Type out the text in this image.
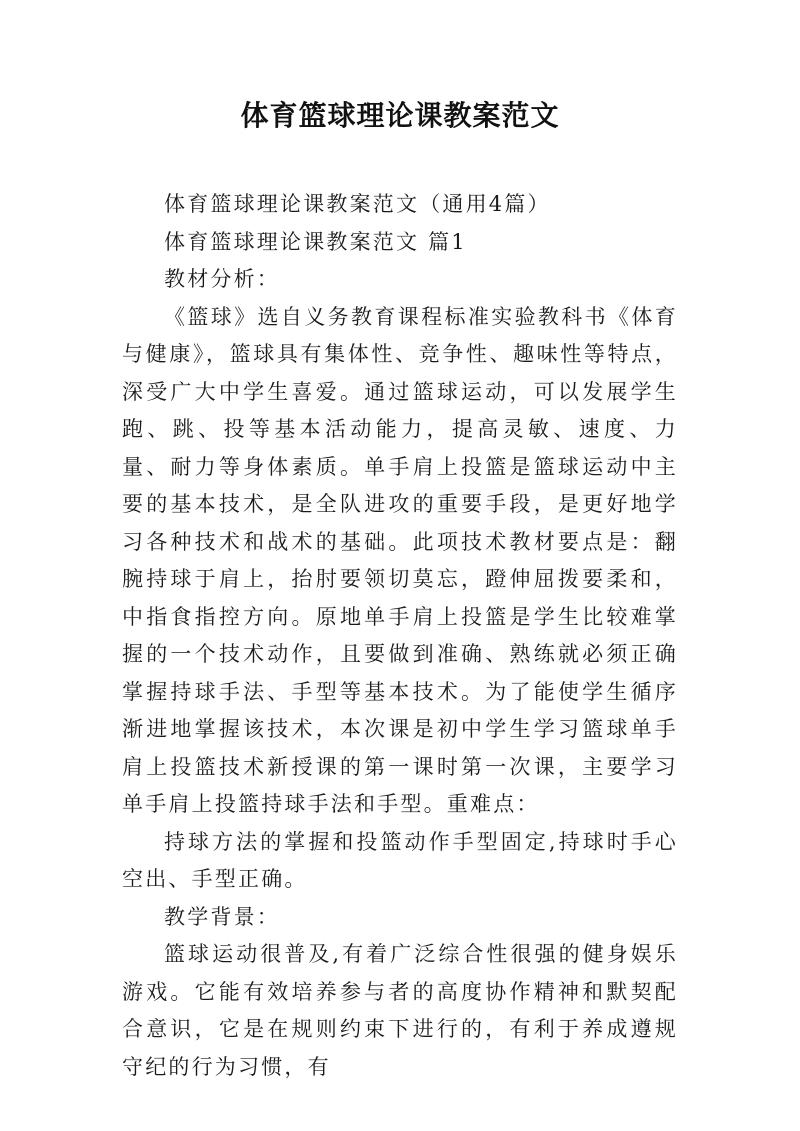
体育篮球理论课教案范文

体育篮球理论课教案范文（通用4篇）

体育篮球理论课教案范文 篇1

教材分析：

《篮球》选自义务教育课程标准实验教科书《体育与健康》，篮球具有集体性、竞争性、趣味性等特点，深受广大中学生喜爱。通过篮球运动，可以发展学生跑、跳、投等基本活动能力，提高灵敏、速度、力量、耐力等身体素质。单手肩上投篮是篮球运动中主要的基本技术，是全队进攻的重要手段，是更好地学习各种技术和战术的基础。此项技术教材要点是：翻腕持球于肩上，抬肘要领切莫忘，蹬伸屈拨要柔和，中指食指控方向。原地单手肩上投篮是学生比较难掌握的一个技术动作，且要做到准确、熟练就必须正确掌握持球手法、手型等基本技术。为了能使学生循序渐进地掌握该技术，本次课是初中学生学习篮球单手肩上投篮技术新授课的第一课时第一次课，主要学习单手肩上投篮持球手法和手型。重难点：

持球方法的掌握和投篮动作手型固定,持球时手心空出、手型正确。

教学背景：

篮球运动很普及,有着广泛综合性很强的健身娱乐游戏。它能有效培养参与者的高度协作精神和默契配合意识，它是在规则约束下进行的，有利于养成遵规守纪的行为习惯，有
